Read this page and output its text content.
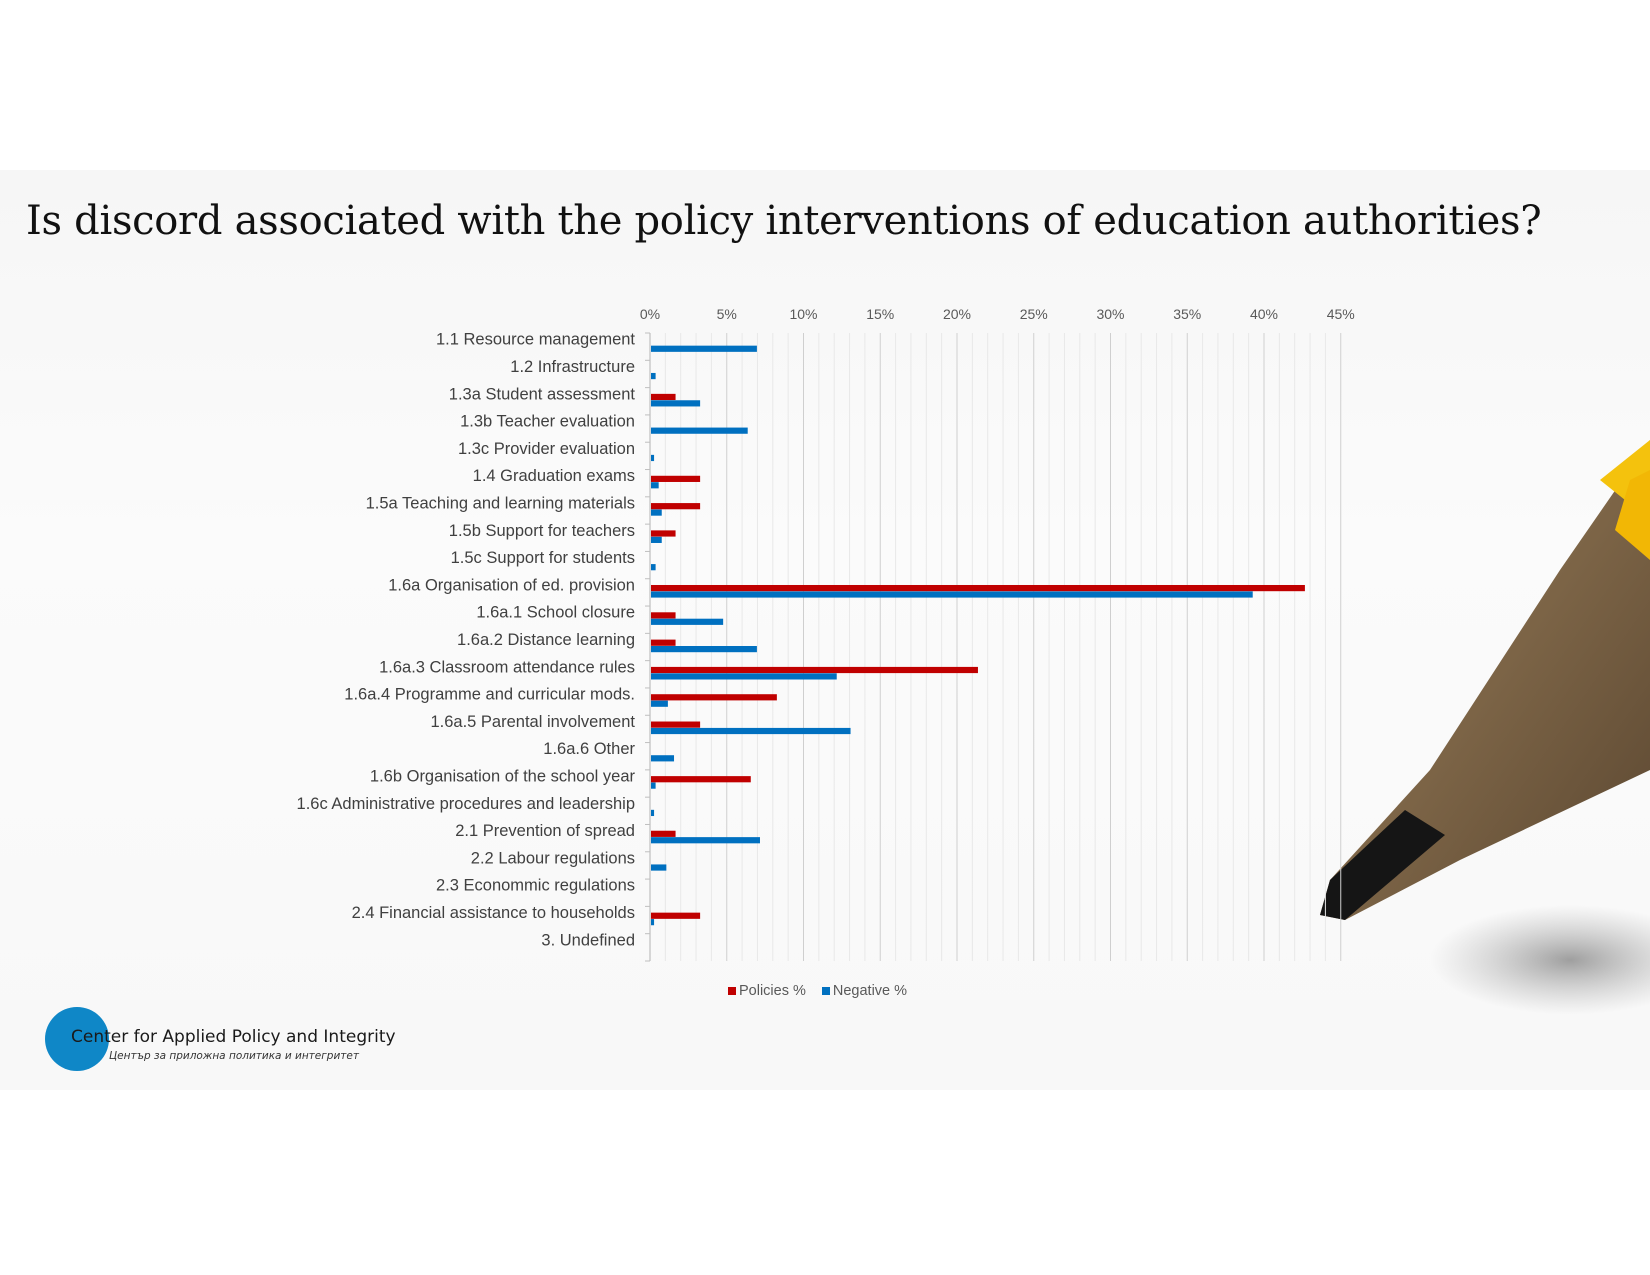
Is discord associated with the policy interventions of education authorities?
0%	5%	10%	15%	20%	25%	30%	35%	40%	45%
1.1 Resource management
1.2 Infrastructure
1.3a Student assessment
1.3b Teacher evaluation
1.3c Provider evaluation
1.4 Graduation exams
1.5a Teaching and learning materials
1.5b Support for teachers
1.5c Support for students
1.6a Organisation of ed. provision
1.6a.1 School closure
1.6a.2 Distance learning
1.6a.3 Classroom attendance rules
1.6a.4 Programme and curricular mods.
1.6a.5 Parental involvement
1.6a.6 Other
1.6b Organisation of the school year
1.6c Administrative procedures and leadership
2.1 Prevention of spread
2.2 Labour regulations
2.3 Econommic regulations
2.4 Financial assistance to households
3. Undefined
Policies % Negative %
Center for Applied Policy and Integrity
Център за приложна политика и интегритет
